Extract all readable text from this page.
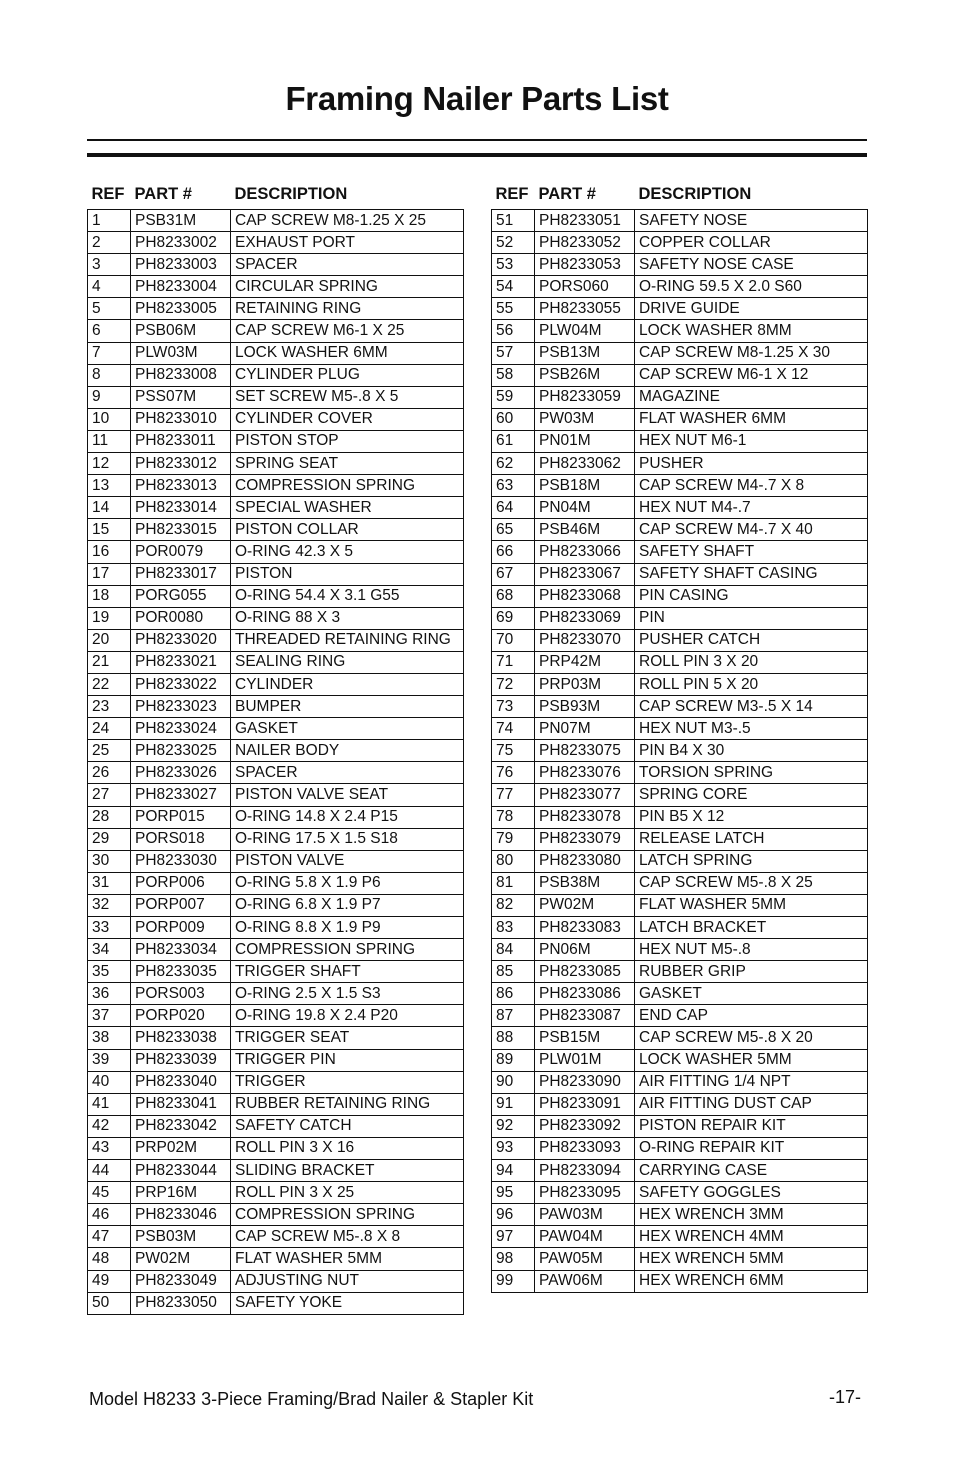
Framing Nailer Parts List
REF	PART #	DESCRIPTION
1	PSB31M	CAP SCREW M8-1.25 X 25
2	PH8233002	EXHAUST PORT
3	PH8233003	SPACER
4	PH8233004	CIRCULAR SPRING
5	PH8233005	RETAINING RING
6	PSB06M	CAP SCREW M6-1 X 25
7	PLW03M	LOCK WASHER 6MM
8	PH8233008	CYLINDER PLUG
9	PSS07M	SET SCREW M5-.8 X 5
10	PH8233010	CYLINDER COVER
11	PH8233011	PISTON STOP
12	PH8233012	SPRING SEAT
13	PH8233013	COMPRESSION SPRING
14	PH8233014	SPECIAL WASHER
15	PH8233015	PISTON COLLAR
16	POR0079	O-RING 42.3 X 5
17	PH8233017	PISTON
18	PORG055	O-RING 54.4 X 3.1 G55
19	POR0080	O-RING 88 X 3
20	PH8233020	THREADED RETAINING RING
21	PH8233021	SEALING RING
22	PH8233022	CYLINDER
23	PH8233023	BUMPER
24	PH8233024	GASKET
25	PH8233025	NAILER BODY
26	PH8233026	SPACER
27	PH8233027	PISTON VALVE SEAT
28	PORP015	O-RING 14.8 X 2.4 P15
29	PORS018	O-RING 17.5 X 1.5 S18
30	PH8233030	PISTON VALVE
31	PORP006	O-RING 5.8 X 1.9 P6
32	PORP007	O-RING 6.8 X 1.9 P7
33	PORP009	O-RING 8.8 X 1.9 P9
34	PH8233034	COMPRESSION SPRING
35	PH8233035	TRIGGER SHAFT
36	PORS003	O-RING 2.5 X 1.5 S3
37	PORP020	O-RING 19.8 X 2.4 P20
38	PH8233038	TRIGGER SEAT
39	PH8233039	TRIGGER PIN
40	PH8233040	TRIGGER
41	PH8233041	RUBBER RETAINING RING
42	PH8233042	SAFETY CATCH
43	PRP02M	ROLL PIN 3 X 16
44	PH8233044	SLIDING BRACKET
45	PRP16M	ROLL PIN 3 X 25
46	PH8233046	COMPRESSION SPRING
47	PSB03M	CAP SCREW M5-.8 X 8
48	PW02M	FLAT WASHER 5MM
49	PH8233049	ADJUSTING NUT
50	PH8233050	SAFETY YOKE
REF	PART #	DESCRIPTION
51	PH8233051	SAFETY NOSE
52	PH8233052	COPPER COLLAR
53	PH8233053	SAFETY NOSE CASE
54	PORS060	O-RING 59.5 X 2.0 S60
55	PH8233055	DRIVE GUIDE
56	PLW04M	LOCK WASHER 8MM
57	PSB13M	CAP SCREW M8-1.25 X 30
58	PSB26M	CAP SCREW M6-1 X 12
59	PH8233059	MAGAZINE
60	PW03M	FLAT WASHER 6MM
61	PN01M	HEX NUT M6-1
62	PH8233062	PUSHER
63	PSB18M	CAP SCREW M4-.7 X 8
64	PN04M	HEX NUT M4-.7
65	PSB46M	CAP SCREW M4-.7 X 40
66	PH8233066	SAFETY SHAFT
67	PH8233067	SAFETY SHAFT CASING
68	PH8233068	PIN CASING
69	PH8233069	PIN
70	PH8233070	PUSHER CATCH
71	PRP42M	ROLL PIN 3 X 20
72	PRP03M	ROLL PIN 5 X 20
73	PSB93M	CAP SCREW M3-.5 X 14
74	PN07M	HEX NUT M3-.5
75	PH8233075	PIN B4 X 30
76	PH8233076	TORSION SPRING
77	PH8233077	SPRING CORE
78	PH8233078	PIN B5 X 12
79	PH8233079	RELEASE LATCH
80	PH8233080	LATCH SPRING
81	PSB38M	CAP SCREW M5-.8 X 25
82	PW02M	FLAT WASHER 5MM
83	PH8233083	LATCH BRACKET
84	PN06M	HEX NUT M5-.8
85	PH8233085	RUBBER GRIP
86	PH8233086	GASKET
87	PH8233087	END CAP
88	PSB15M	CAP SCREW M5-.8 X 20
89	PLW01M	LOCK WASHER 5MM
90	PH8233090	AIR FITTING 1/4 NPT
91	PH8233091	AIR FITTING DUST CAP
92	PH8233092	PISTON REPAIR KIT
93	PH8233093	O-RING REPAIR KIT
94	PH8233094	CARRYING CASE
95	PH8233095	SAFETY GOGGLES
96	PAW03M	HEX WRENCH 3MM
97	PAW04M	HEX WRENCH 4MM
98	PAW05M	HEX WRENCH 5MM
99	PAW06M	HEX WRENCH 6MM
Model H8233 3-Piece Framing/Brad Nailer & Stapler Kit	-17-
